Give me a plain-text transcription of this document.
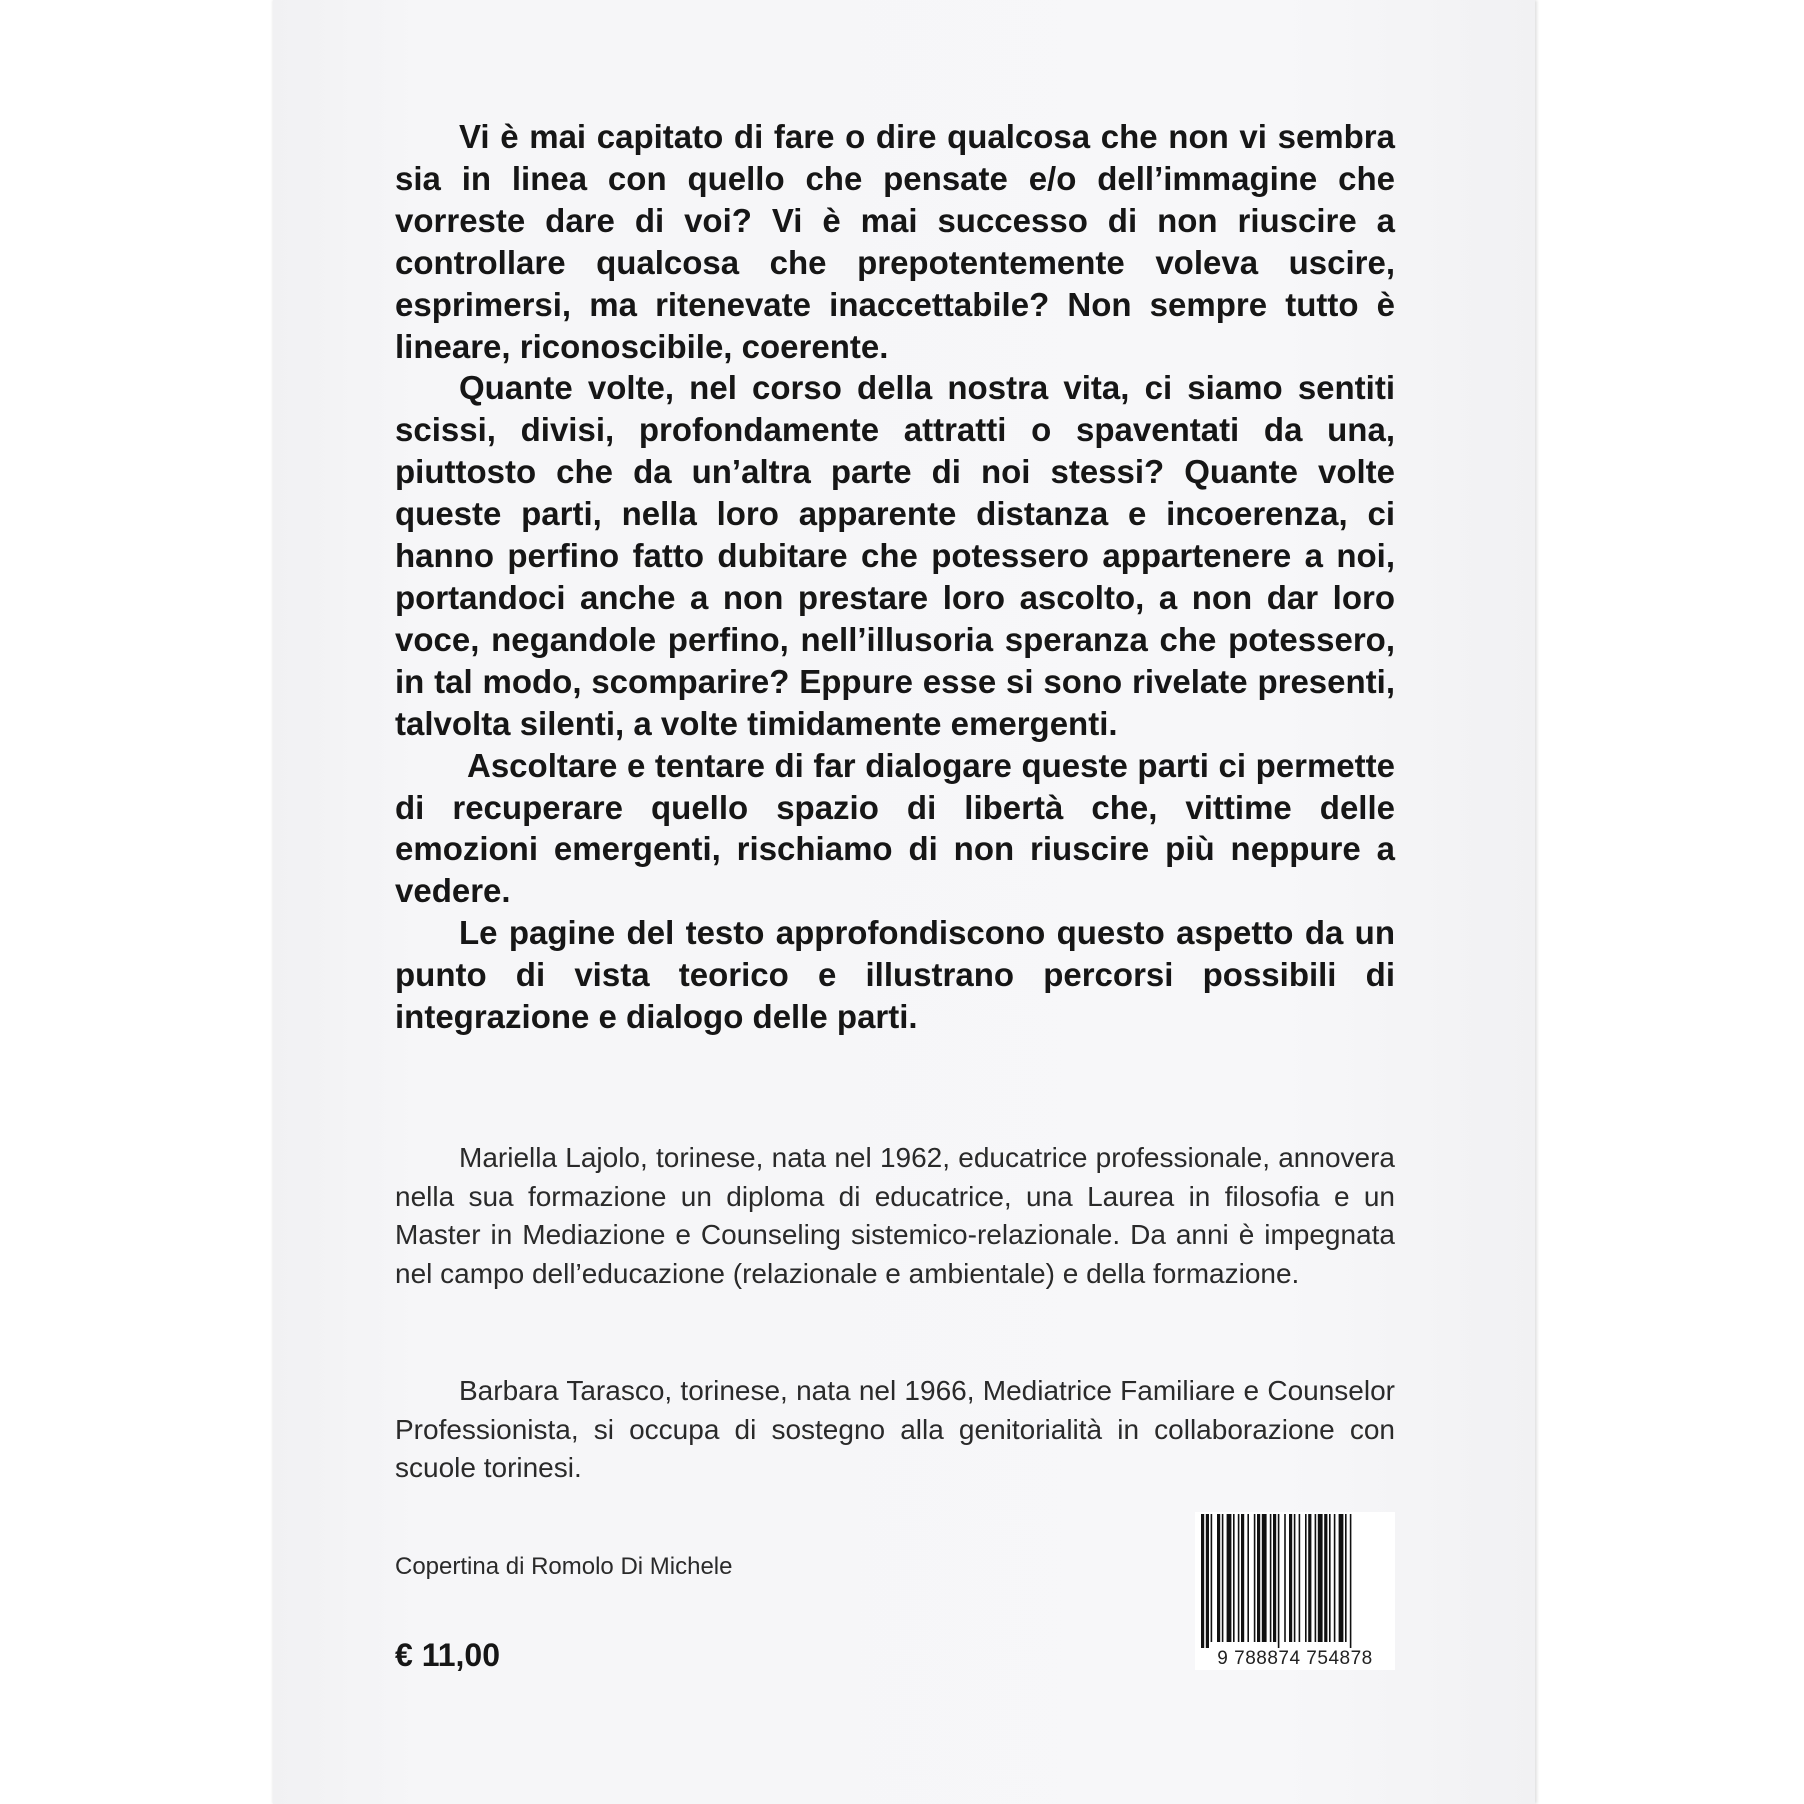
Vi è mai capitato di fare o dire qualcosa che non vi sembra sia in linea con quello che pensate e/o dell’immagine che vorreste dare di voi? Vi è mai successo di non riuscire a controllare qualcosa che prepotentemente voleva uscire, esprimersi, ma ritenevate inaccettabile? Non sempre tutto è lineare, riconoscibile, coerente.

Quante volte, nel corso della nostra vita, ci siamo sentiti scissi, divisi, profondamente attratti o spaventati da una, piuttosto che da un’altra parte di noi stessi? Quante volte queste parti, nella loro apparente distanza e incoerenza, ci hanno perfino fatto dubitare che potessero appartenere a noi, portandoci anche a non prestare loro ascolto, a non dar loro voce, negandole perfino, nell’illusoria speranza che potessero, in tal modo, scomparire? Eppure esse si sono rivelate presenti, talvolta silenti, a volte timidamente emergenti.

Ascoltare e tentare di far dialogare queste parti ci permette di recuperare quello spazio di libertà che, vittime delle emozioni emergenti, rischiamo di non riuscire più neppure a vedere.

Le pagine del testo approfondiscono questo aspetto da un punto di vista teorico e illustrano percorsi possibili di integrazione e dialogo delle parti.

Mariella Lajolo, torinese, nata nel 1962, educatrice professionale, annovera nella sua formazione un diploma di educatrice, una Laurea in filosofia e un Master in Mediazione e Counseling sistemico-relazionale. Da anni è impegnata nel campo dell’educazione (relazionale e ambientale) e della formazione.

Barbara Tarasco, torinese, nata nel 1966, Mediatrice Familiare e Counselor Professionista, si occupa di sostegno alla genitorialità in collaborazione con scuole torinesi.

Copertina di Romolo Di Michele
€ 11,00	9 788874 754878
